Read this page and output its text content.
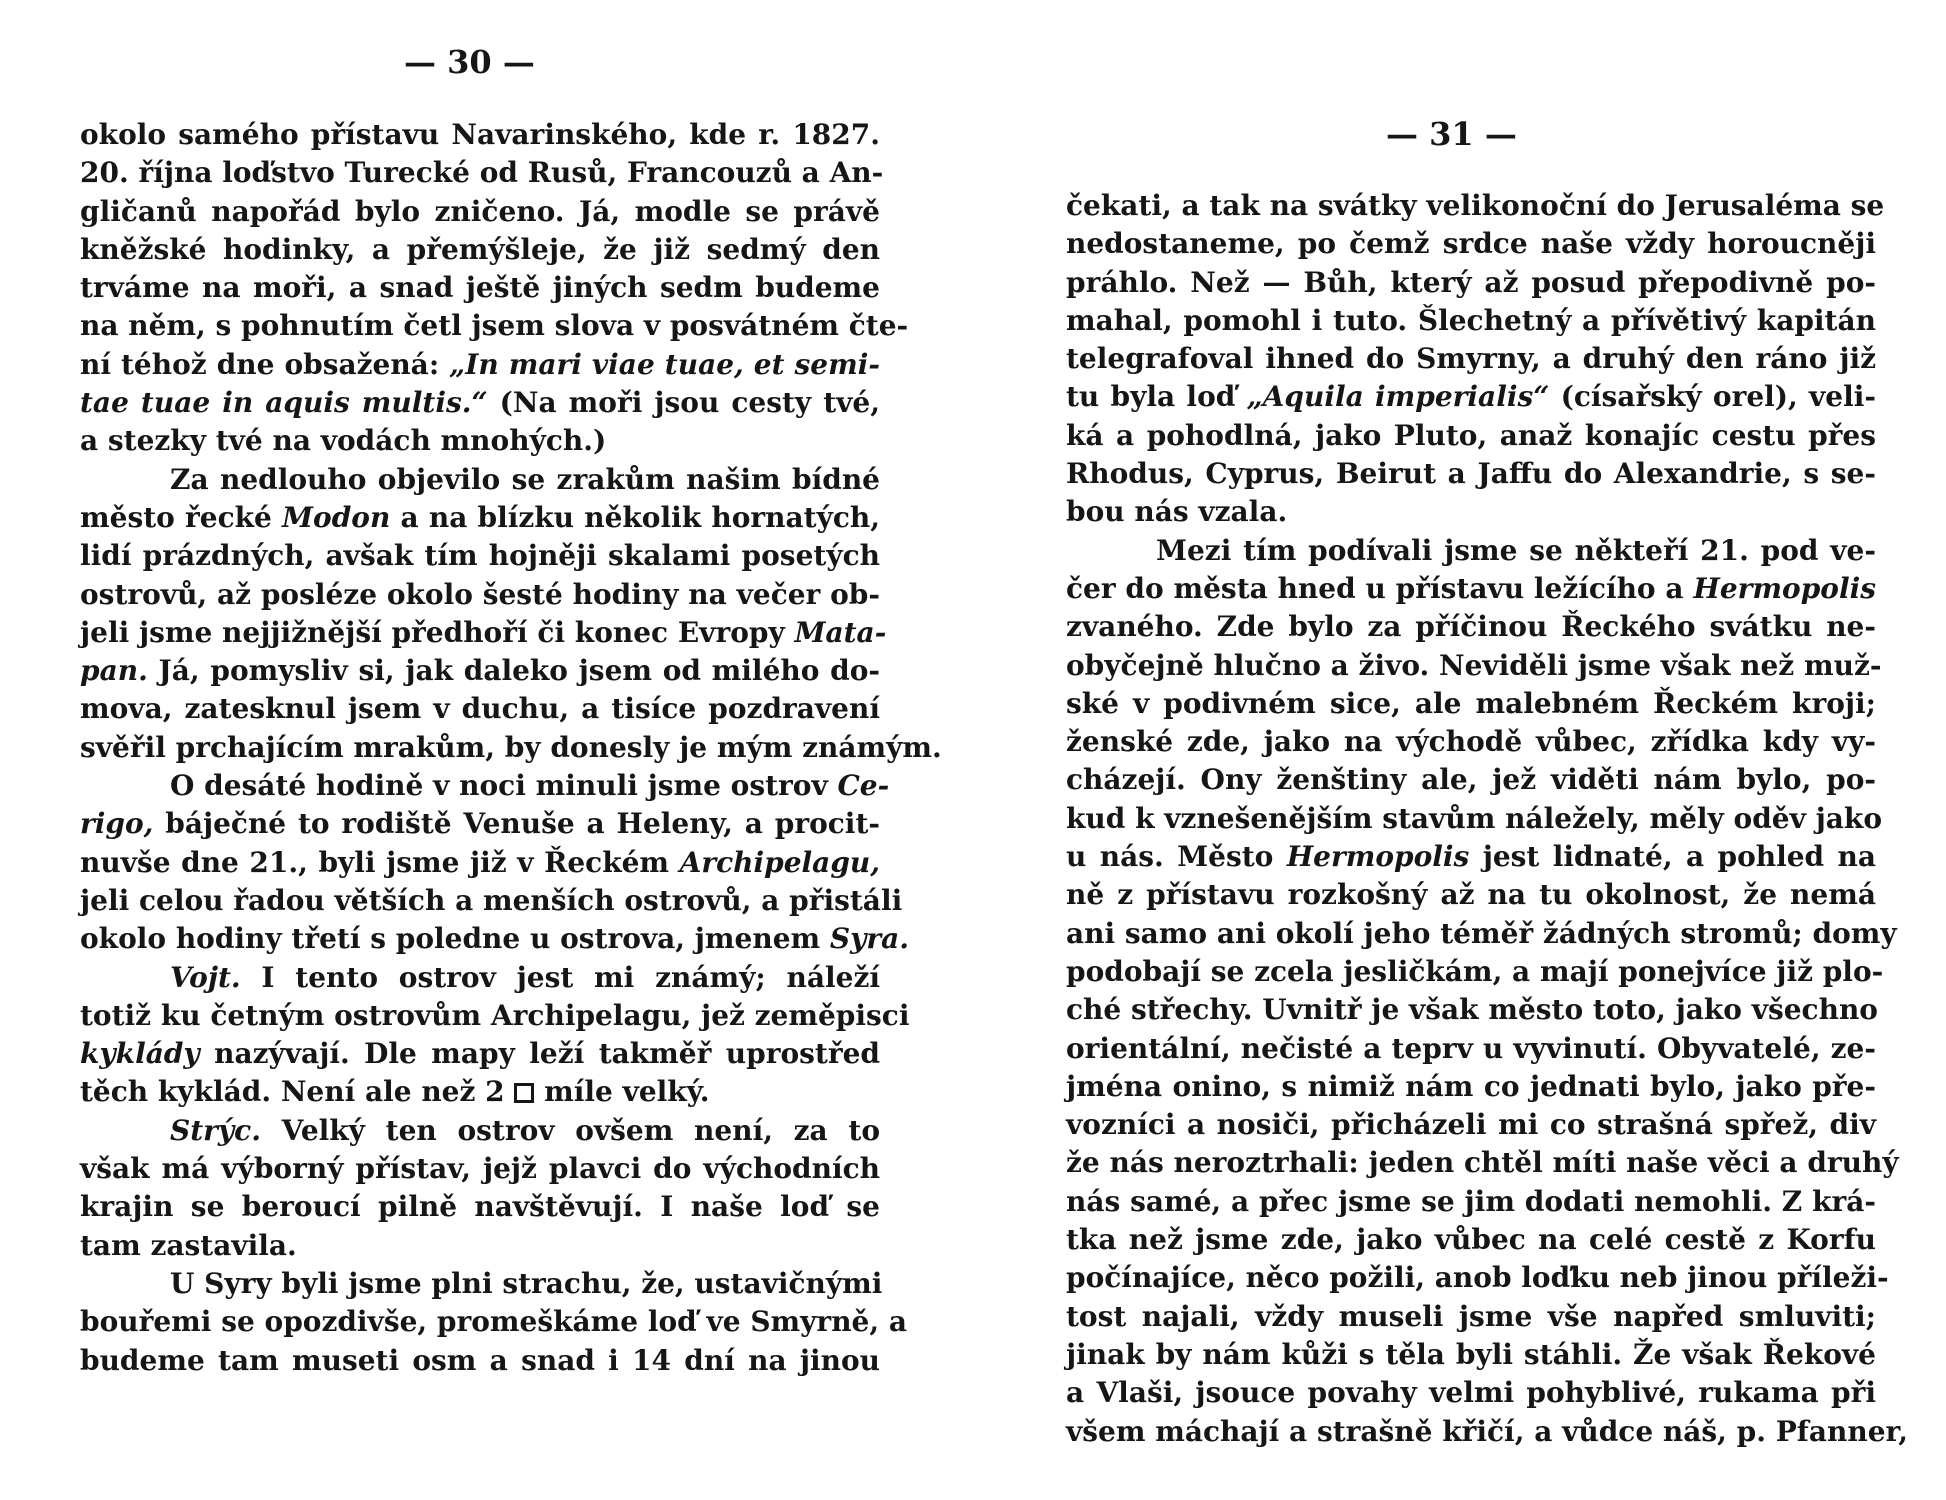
— 30 —
okolo samého přístavu Navarinského, kde r. 1827.
20. října loďstvo Turecké od Rusů, Francouzů a An-
gličanů napořád bylo zničeno. Já, modle se právě
kněžské hodinky, a přemýšleje, že již sedmý den
trváme na moři, a snad ještě jiných sedm budeme
na něm, s pohnutím četl jsem slova v posvátném čte-
ní téhož dne obsažená: „In mari viae tuae, et semi-
tae tuae in aquis multis.“ (Na moři jsou cesty tvé,
a stezky tvé na vodách mnohých.)
Za nedlouho objevilo se zrakům našim bídné
město řecké Modon a na blízku několik hornatých,
lidí prázdných, avšak tím hojněji skalami posetých
ostrovů, až posléze okolo šesté hodiny na večer ob-
jeli jsme nejjižnější předhoří či konec Evropy Mata-
pan. Já, pomysliv si, jak daleko jsem od milého do-
mova, zatesknul jsem v duchu, a tisíce pozdravení
svěřil prchajícím mrakům, by donesly je mým známým.
O desáté hodině v noci minuli jsme ostrov Ce-
rigo, báječné to rodiště Venuše a Heleny, a procit-
nuvše dne 21., byli jsme již v Řeckém Archipelagu,
jeli celou řadou větších a menších ostrovů, a přistáli
okolo hodiny třetí s poledne u ostrova, jmenem Syra.
Vojt. I tento ostrov jest mi známý; náleží
totiž ku četným ostrovům Archipelagu, jež zeměpisci
kyklády nazývají. Dle mapy leží takměř uprostřed
těch kyklád. Není ale než 2  míle velký.
Strýc. Velký ten ostrov ovšem není, za to
však má výborný přístav, jejž plavci do východních
krajin se beroucí pilně navštěvují. I naše loď se
tam zastavila.
U Syry byli jsme plni strachu, že, ustavičnými
bouřemi se opozdivše, promeškáme loď ve Smyrně, a
budeme tam museti osm a snad i 14 dní na jinou
— 31 —
čekati, a tak na svátky velikonoční do Jerusaléma se
nedostaneme, po čemž srdce naše vždy horoucněji
práhlo. Než — Bůh, který až posud přepodivně po-
mahal, pomohl i tuto. Šlechetný a přívětivý kapitán
telegrafoval ihned do Smyrny, a druhý den ráno již
tu byla loď „Aquila imperialis“ (císařský orel), veli-
ká a pohodlná, jako Pluto, anaž konajíc cestu přes
Rhodus, Cyprus, Beirut a Jaffu do Alexandrie, s se-
bou nás vzala.
Mezi tím podívali jsme se někteří 21. pod ve-
čer do města hned u přístavu ležícího a Hermopolis
zvaného. Zde bylo za příčinou Řeckého svátku ne-
obyčejně hlučno a živo. Neviděli jsme však než muž-
ské v podivném sice, ale malebném Řeckém kroji;
ženské zde, jako na východě vůbec, zřídka kdy vy-
cházejí. Ony ženštiny ale, jež viděti nám bylo, po-
kud k vznešenějším stavům náležely, měly oděv jako
u nás. Město Hermopolis jest lidnaté, a pohled na
ně z přístavu rozkošný až na tu okolnost, že nemá
ani samo ani okolí jeho téměř žádných stromů; domy
podobají se zcela jesličkám, a mají ponejvíce již plo-
ché střechy. Uvnitř je však město toto, jako všechno
orientální, nečisté a teprv u vyvinutí. Obyvatelé, ze-
jména onino, s nimiž nám co jednati bylo, jako pře-
vozníci a nosiči, přicházeli mi co strašná spřež, div
že nás neroztrhali: jeden chtěl míti naše věci a druhý
nás samé, a přec jsme se jim dodati nemohli. Z krá-
tka než jsme zde, jako vůbec na celé cestě z Korfu
počínajíce, něco požili, anob loďku neb jinou příleži-
tost najali, vždy museli jsme vše napřed smluviti;
jinak by nám kůži s těla byli stáhli. Že však Řekové
a Vlaši, jsouce povahy velmi pohyblivé, rukama při
všem máchají a strašně křičí, a vůdce náš, p. Pfanner,
